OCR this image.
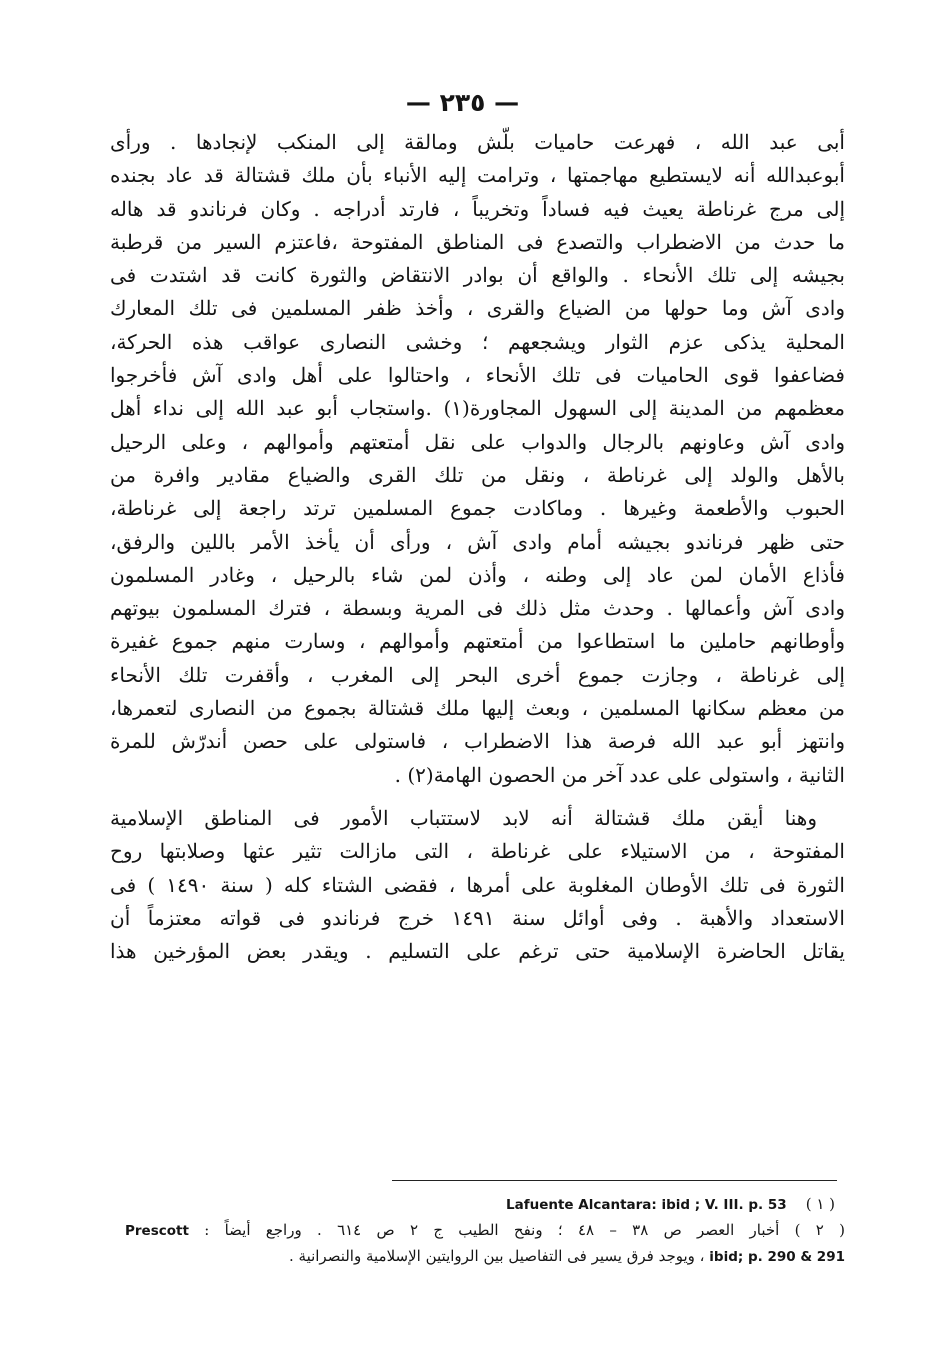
— ٢٣٥ —
أبى عبد الله ، فهرعت حاميات بلّش ومالقة إلى المنكب لإنجادها . ورأى
أبوعبدالله أنه لايستطيع مهاجمتها ، وترامت إليه الأنباء بأن ملك قشتالة قد عاد بجنده
إلى مرج غرناطة يعيث فيه فساداً وتخريباً ، فارتد أدراجه . وكان فرناندو قد هاله
ما حدث من الاضطراب والتصدع فى المناطق المفتوحة ،فاعتزم السير من قرطبة
بجيشه إلى تلك الأنحاء . والواقع أن بوادر الانتقاض والثورة كانت قد اشتدت فى
وادى آش وما حولها من الضياع والقرى ، وأخذ ظفر المسلمين فى تلك المعارك
المحلية يذكى عزم الثوار ويشجعهم ؛ وخشى النصارى عواقب هذه الحركة،
فضاعفوا قوى الحاميات فى تلك الأنحاء ، واحتالوا على أهل وادى آش فأخرجوا
معظمهم من المدينة إلى السهول المجاورة(١) .واستجاب أبو عبد الله إلى نداء أهل
وادى آش وعاونهم بالرجال والدواب على نقل أمتعتهم وأموالهم ، وعلى الرحيل
بالأهل والولد إلى غرناطة ، ونقل من تلك القرى والضياع مقادير وافرة من
الحبوب والأطعمة وغيرها . وماكادت جموع المسلمين ترتد راجعة إلى غرناطة،
حتى ظهر فرناندو بجيشه أمام وادى آش ، ورأى أن يأخذ الأمر باللين والرفق،
فأذاع الأمان لمن عاد إلى وطنه ، وأذن لمن شاء بالرحيل ، وغادر المسلمون
وادى آش وأعمالها . وحدث مثل ذلك فى المرية وبسطة ، فترك المسلمون بيوتهم
وأوطانهم حاملين ما استطاعوا من أمتعتهم وأموالهم ، وسارت منهم جموع غفيرة
إلى غرناطة ، وجازت جموع أخرى البحر إلى المغرب ، وأقفرت تلك الأنحاء
من معظم سكانها المسلمين ، وبعث إليها ملك قشتالة بجموع من النصارى لتعمرها،
وانتهز أبو عبد الله فرصة هذا الاضطراب ، فاستولى على حصن أندرّش للمرة
الثانية ، واستولى على عدد آخر من الحصون الهامة(٢) .
وهنا أيقن ملك قشتالة أنه لابد لاستتباب الأمور فى المناطق الإسلامية
المفتوحة ، من الاستيلاء على غرناطة ، التى مازالت تثير عثها وصلابتها روح
الثورة فى تلك الأوطان المغلوبة على أمرها ، فقضى الشتاء كله ( سنة ١٤٩٠ ) فى
الاستعداد والأهبة . وفى أوائل سنة ١٤٩١ خرج فرناندو فى قواته معتزماً أن
يقاتل الحاضرة الإسلامية حتى ترغم على التسليم . ويقدر بعض المؤرخين هذا
( ١ )    Lafuente Alcantara: ibid ; V. III. p. 53
( ٢ ) أخبار العصر ص ٣٨ – ٤٨ ؛ ونفح الطيب ج ٢ ص ٦١٤ . وراجع أيضاً : Prescott
ibid; p. 290 & 291 ، ويوجد فرق يسير فى التفاصيل بين الروايتين الإسلامية والنصرانية .
